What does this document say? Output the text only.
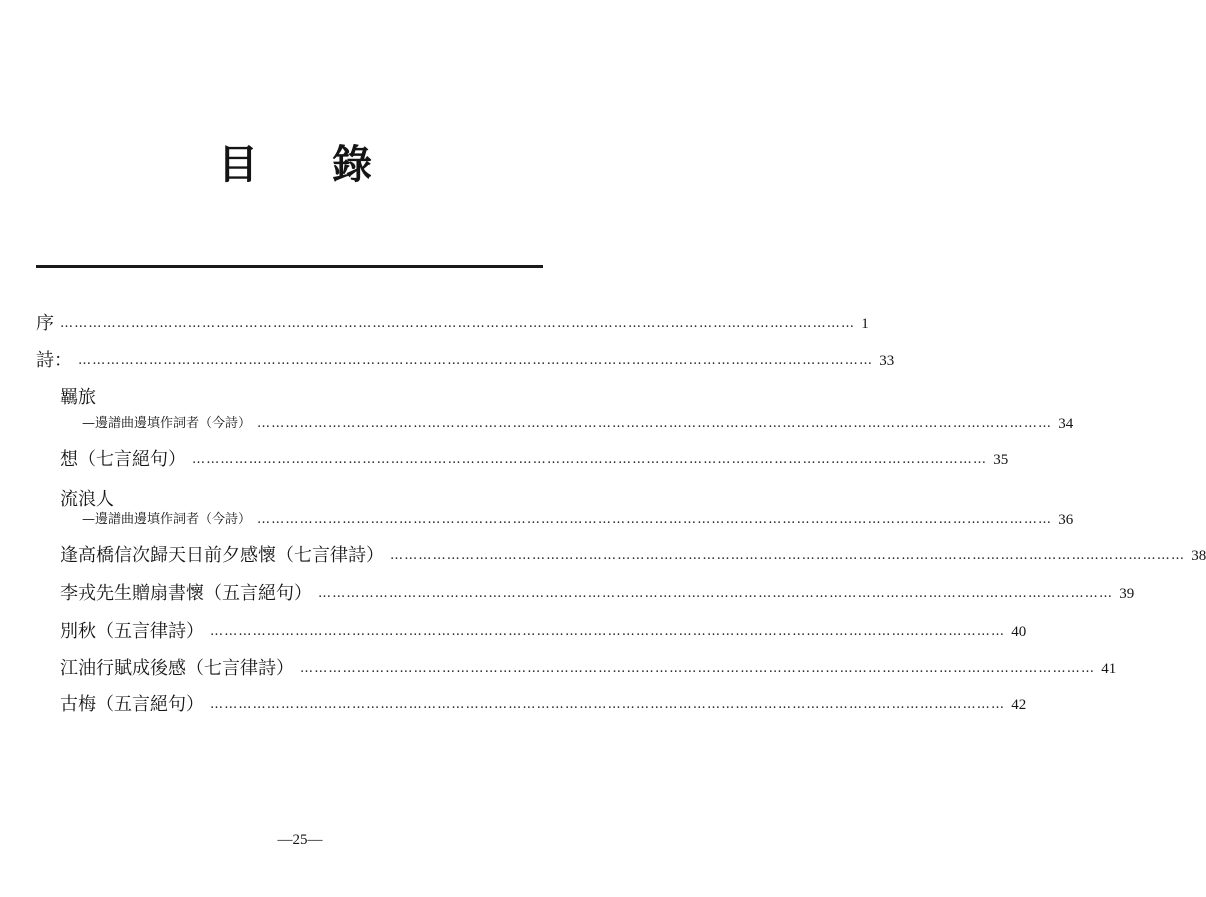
目 錄
序 …………………………………………………………………………………………………………………………………………………… 1
詩： …………………………………………………………………………………………………………………………………………………… 33
羈旅
—邊譜曲邊填作詞者（今詩） …………………………………………………………………………………………………………………………………………………… 34
想（七言絕句） …………………………………………………………………………………………………………………………………………………… 35
流浪人
—邊譜曲邊填作詞者（今詩） …………………………………………………………………………………………………………………………………………………… 36
逢高橋信次歸天日前夕感懷（七言律詩） …………………………………………………………………………………………………………………………………………………… 38
李戎先生贈扇書懷（五言絕句） …………………………………………………………………………………………………………………………………………………… 39
別秋（五言律詩） …………………………………………………………………………………………………………………………………………………… 40
江油行賦成後感（七言律詩） …………………………………………………………………………………………………………………………………………………… 41
古梅（五言絕句） …………………………………………………………………………………………………………………………………………………… 42
—25—
